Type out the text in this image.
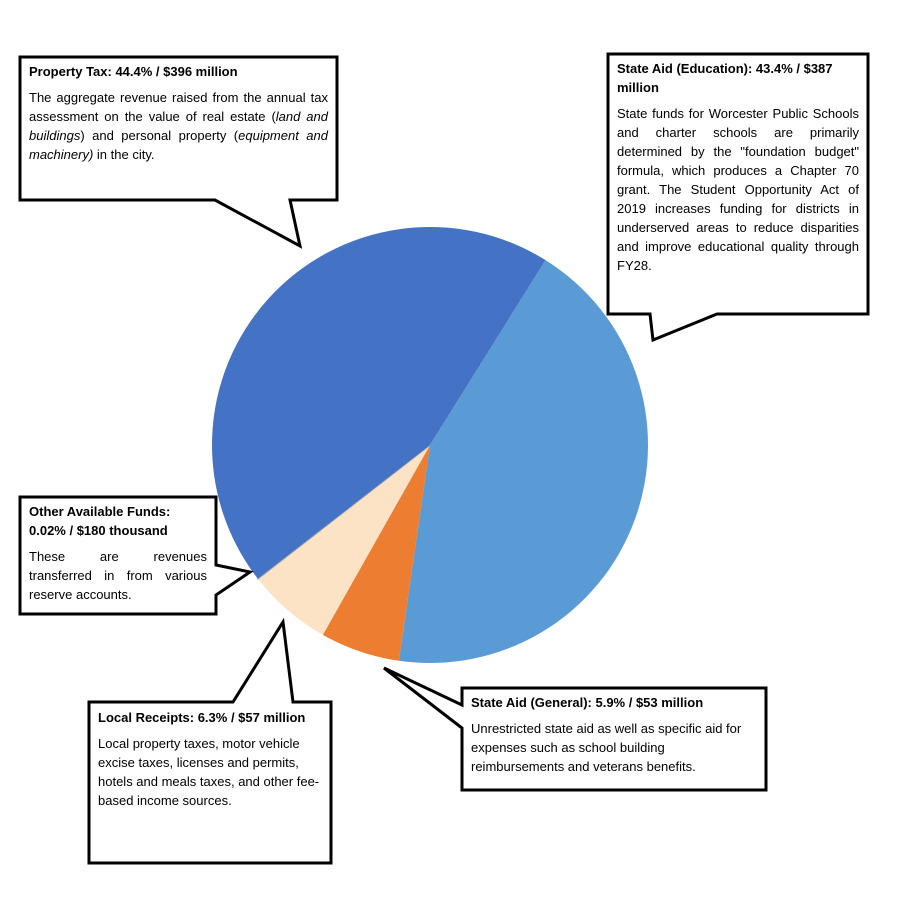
Property Tax: 44.4% / $396 million
The aggregate revenue raised from the annual tax assessment on the value of real estate (land and buildings) and personal property (equipment and machinery) in the city.
State Aid (Education): 43.4% / $387 million
State funds for Worcester Public Schools and charter schools are primarily determined by the "foundation budget" formula, which produces a Chapter 70 grant. The Student Opportunity Act of 2019 increases funding for districts in underserved areas to reduce disparities and improve educational quality through FY28.
Other Available Funds: 0.02% / $180 thousand
These are revenues transferred in from various reserve accounts.
Local Receipts: 6.3% / $57 million
Local property taxes, motor vehicle excise taxes, licenses and permits, hotels and meals taxes, and other fee-based income sources.
State Aid (General): 5.9% / $53 million
Unrestricted state aid as well as specific aid for expenses such as school building reimbursements and veterans benefits.
